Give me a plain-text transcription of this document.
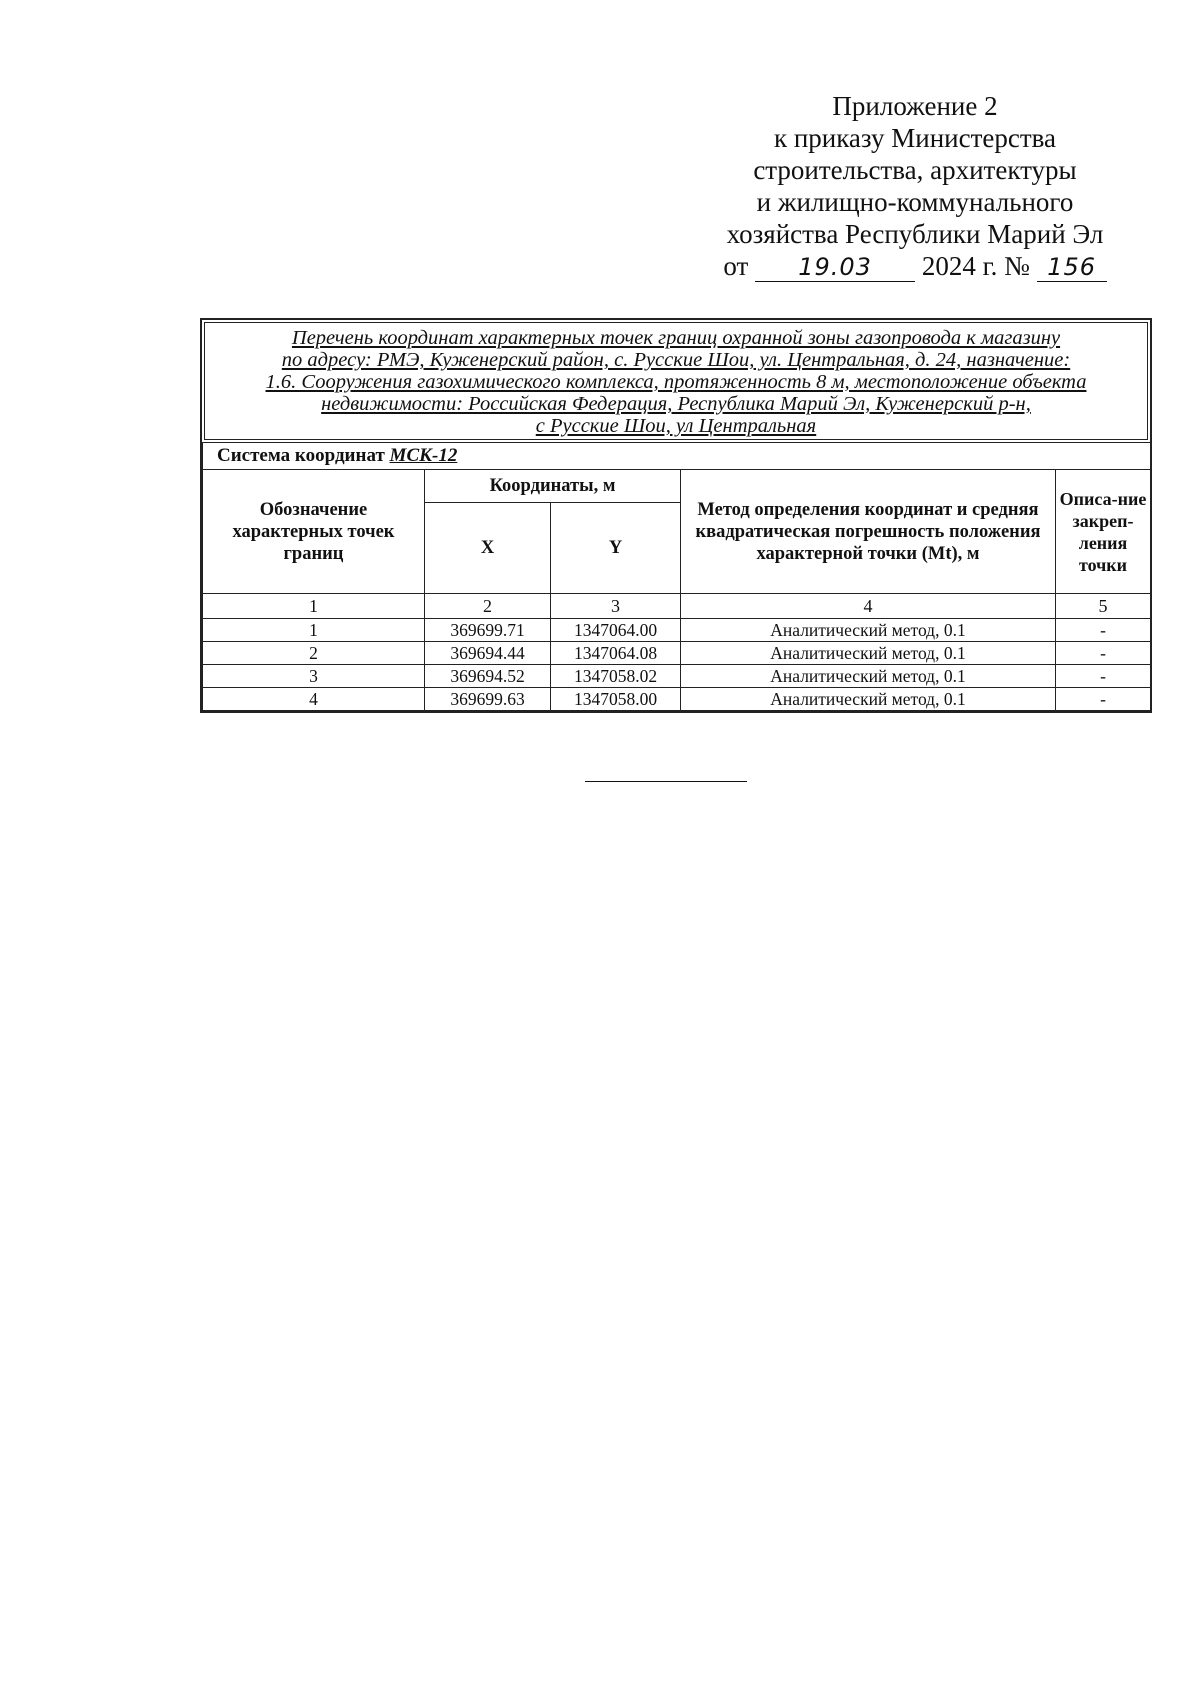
Приложение 2
к приказу Министерства
строительства, архитектуры
и жилищно-коммунального
хозяйства Республики Марий Эл
от 19.03 2024 г. № 156
Перечень координат характерных точек границ охранной зоны газопровода к магазину
по адресу: РМЭ, Куженерский район, с. Русские Шои, ул. Центральная, д. 24, назначение:
1.6. Сооружения газохимического комплекса, протяженность 8 м, местоположение объекта
недвижимости: Российская Федерация, Республика Марий Эл, Куженерский р-н,
с Русские Шои, ул Центральная
Система координат МСК-12				
Обозначение характерных точек границ	Координаты, м		Метод определения координат и средняя квадратическая погрешность положения характерной точки (Mt), м	Описа-ние закреп-ления точки
	X	Y		
1	2	3	4	5
1	369699.71	1347064.00	Аналитический метод, 0.1	-
2	369694.44	1347064.08	Аналитический метод, 0.1	-
3	369694.52	1347058.02	Аналитический метод, 0.1	-
4	369699.63	1347058.00	Аналитический метод, 0.1	-
